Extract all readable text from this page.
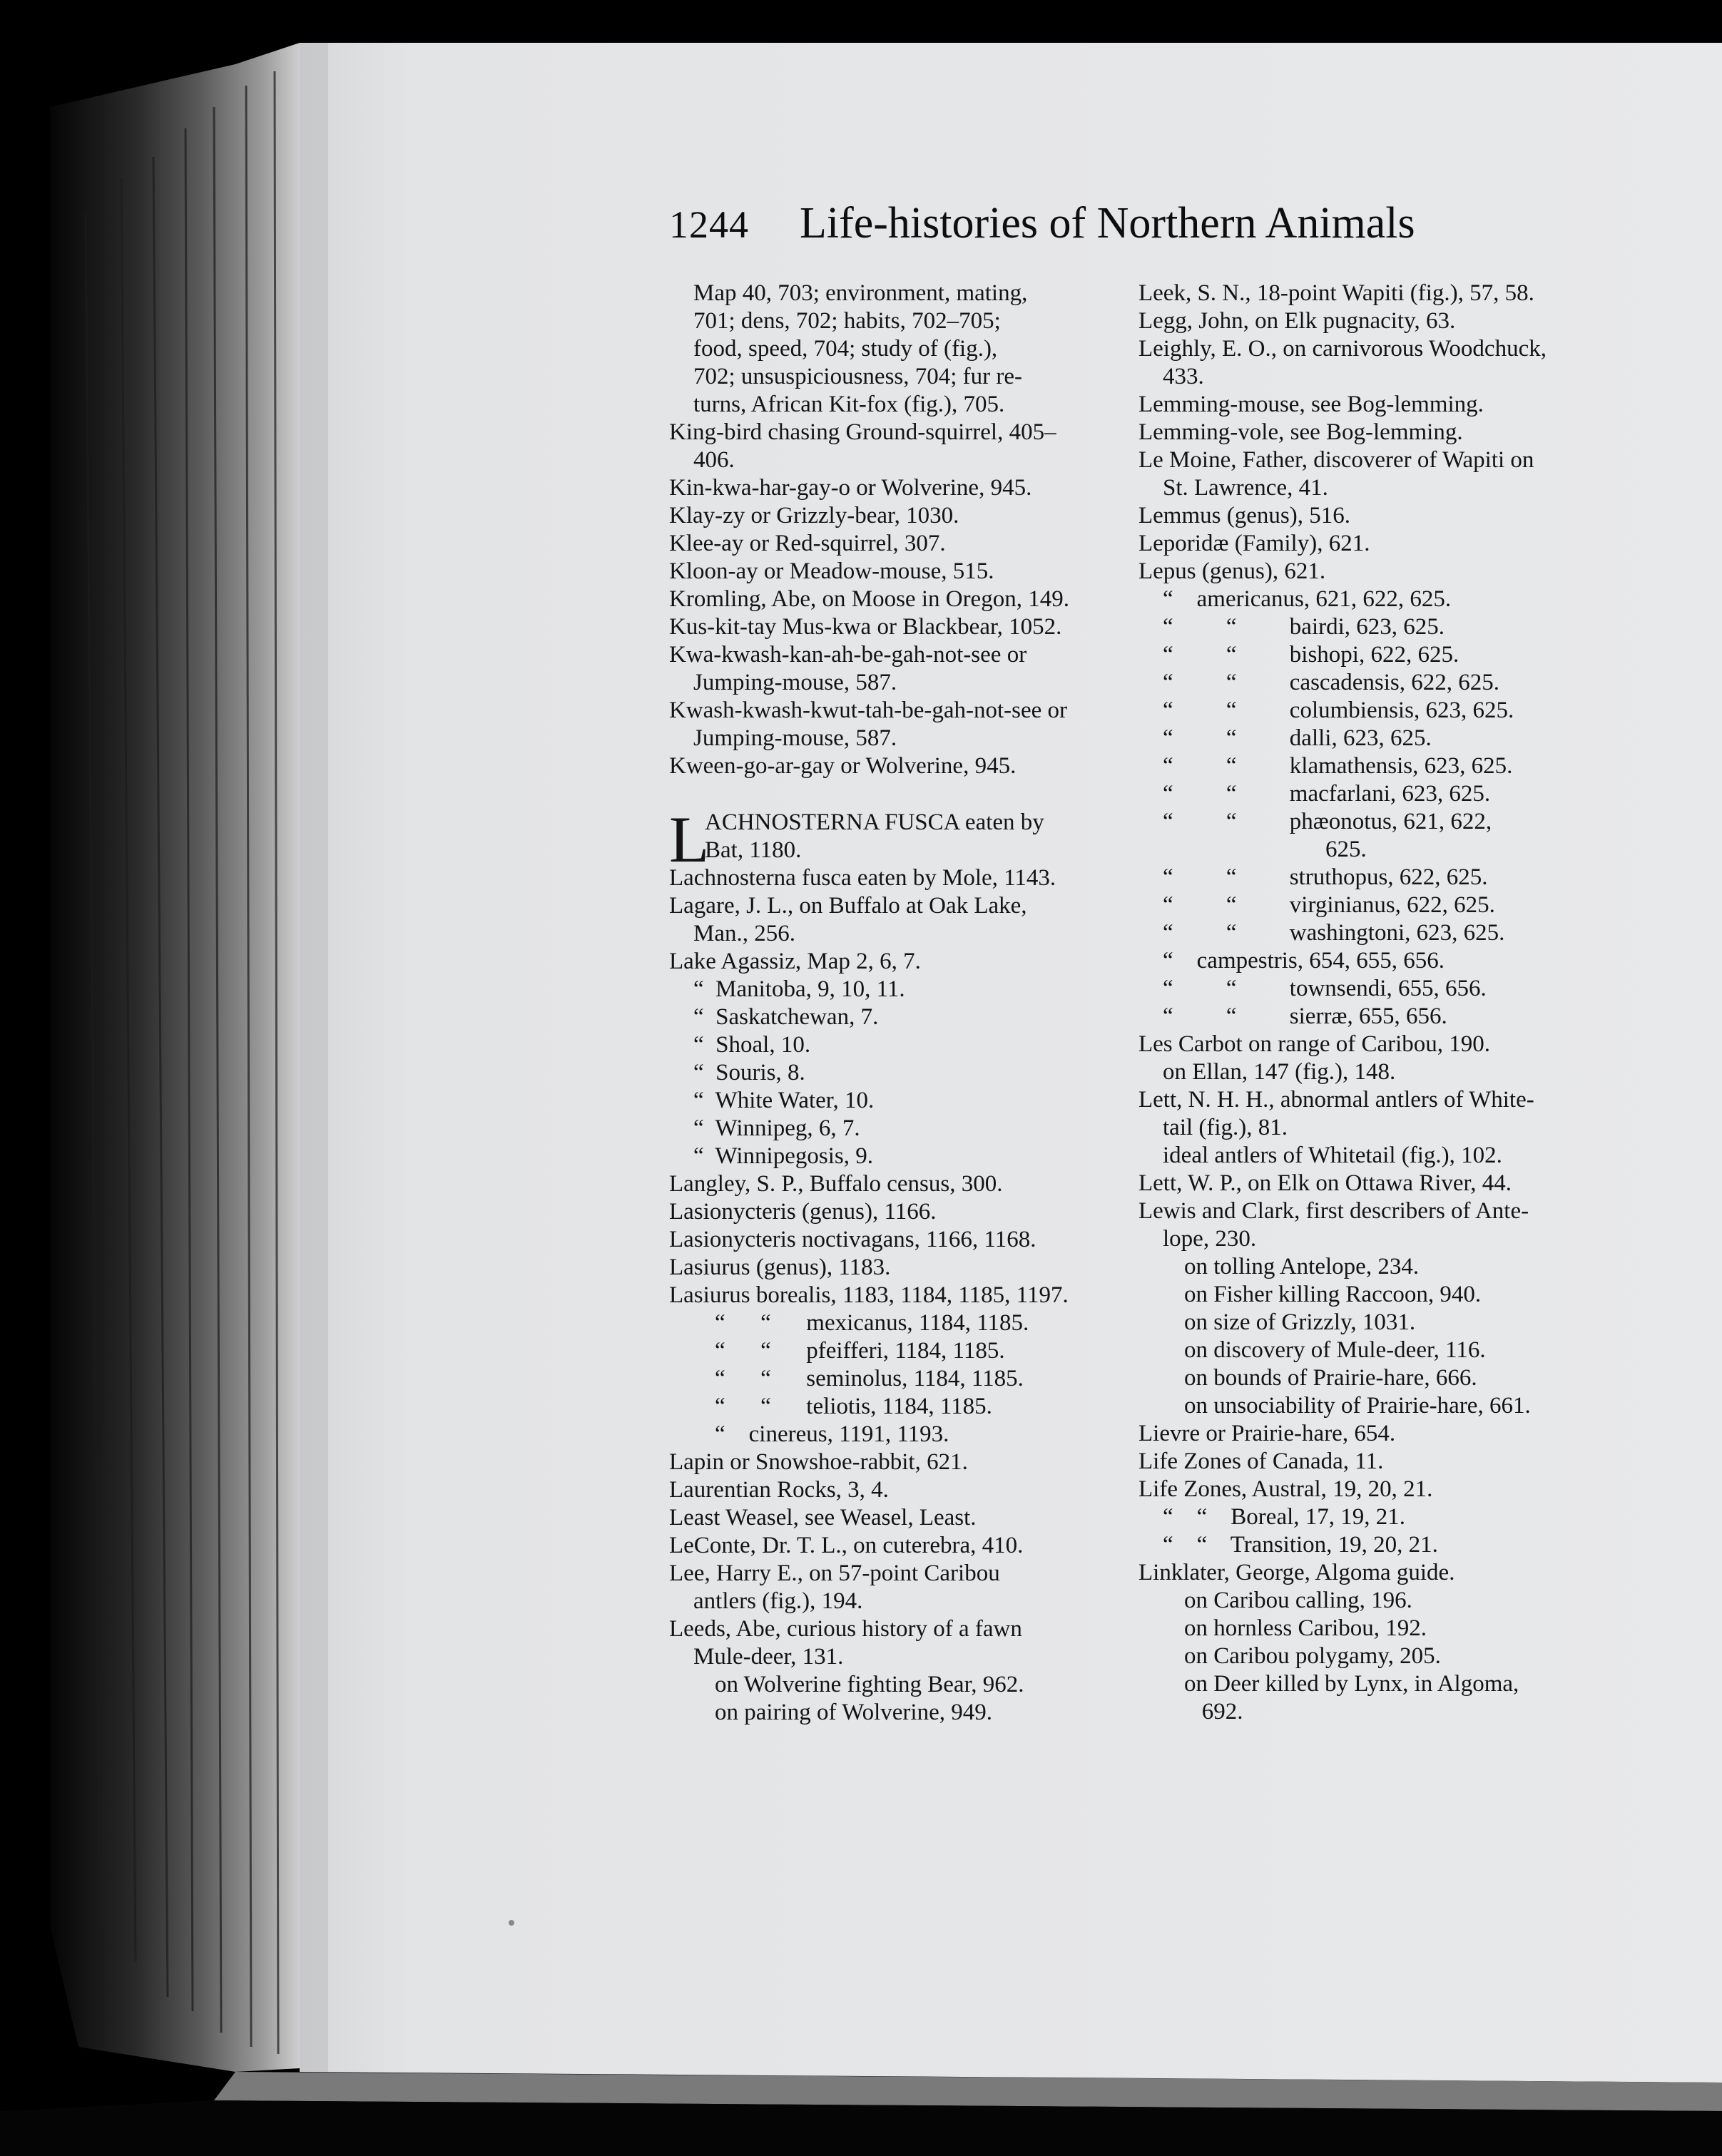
1244 Life-histories of Northern Animals
Map 40, 703; environment, mating,
701; dens, 702; habits, 702–705;
food, speed, 704; study of (fig.),
702; unsuspiciousness, 704; fur re-
turns, African Kit-fox (fig.), 705.
King-bird chasing Ground-squirrel, 405–
406.
Kin-kwa-har-gay-o or Wolverine, 945.
Klay-zy or Grizzly-bear, 1030.
Klee-ay or Red-squirrel, 307.
Kloon-ay or Meadow-mouse, 515.
Kromling, Abe, on Moose in Oregon, 149.
Kus-kit-tay Mus-kwa or Blackbear, 1052.
Kwa-kwash-kan-ah-be-gah-not-see or
Jumping-mouse, 587.
Kwash-kwash-kwut-tah-be-gah-not-see or
Jumping-mouse, 587.
Kween-go-ar-gay or Wolverine, 945.
L
ACHNOSTERNA FUSCA eaten by
Bat, 1180.
Lachnosterna fusca eaten by Mole, 1143.
Lagare, J. L., on Buffalo at Oak Lake,
Man., 256.
Lake Agassiz, Map 2, 6, 7.
“  Manitoba, 9, 10, 11.
“  Saskatchewan, 7.
“  Shoal, 10.
“  Souris, 8.
“  White Water, 10.
“  Winnipeg, 6, 7.
“  Winnipegosis, 9.
Langley, S. P., Buffalo census, 300.
Lasionycteris (genus), 1166.
Lasionycteris noctivagans, 1166, 1168.
Lasiurus (genus), 1183.
Lasiurus borealis, 1183, 1184, 1185, 1197.
“      “      mexicanus, 1184, 1185.
“      “      pfeifferi, 1184, 1185.
“      “      seminolus, 1184, 1185.
“      “      teliotis, 1184, 1185.
“    cinereus, 1191, 1193.
Lapin or Snowshoe-rabbit, 621.
Laurentian Rocks, 3, 4.
Least Weasel, see Weasel, Least.
LeConte, Dr. T. L., on cuterebra, 410.
Lee, Harry E., on 57-point Caribou
antlers (fig.), 194.
Leeds, Abe, curious history of a fawn
Mule-deer, 131.
on Wolverine fighting Bear, 962.
on pairing of Wolverine, 949.
Leek, S. N., 18-point Wapiti (fig.), 57, 58.
Legg, John, on Elk pugnacity, 63.
Leighly, E. O., on carnivorous Woodchuck,
433.
Lemming-mouse, see Bog-lemming.
Lemming-vole, see Bog-lemming.
Le Moine, Father, discoverer of Wapiti on
St. Lawrence, 41.
Lemmus (genus), 516.
Leporidæ (Family), 621.
Lepus (genus), 621.
“    americanus, 621, 622, 625.
“         “         bairdi, 623, 625.
“         “         bishopi, 622, 625.
“         “         cascadensis, 622, 625.
“         “         columbiensis, 623, 625.
“         “         dalli, 623, 625.
“         “         klamathensis, 623, 625.
“         “         macfarlani, 623, 625.
“         “         phæonotus, 621, 622,
625.
“         “         struthopus, 622, 625.
“         “         virginianus, 622, 625.
“         “         washingtoni, 623, 625.
“    campestris, 654, 655, 656.
“         “         townsendi, 655, 656.
“         “         sierræ, 655, 656.
Les Carbot on range of Caribou, 190.
on Ellan, 147 (fig.), 148.
Lett, N. H. H., abnormal antlers of White-
tail (fig.), 81.
ideal antlers of Whitetail (fig.), 102.
Lett, W. P., on Elk on Ottawa River, 44.
Lewis and Clark, first describers of Ante-
lope, 230.
on tolling Antelope, 234.
on Fisher killing Raccoon, 940.
on size of Grizzly, 1031.
on discovery of Mule-deer, 116.
on bounds of Prairie-hare, 666.
on unsociability of Prairie-hare, 661.
Lievre or Prairie-hare, 654.
Life Zones of Canada, 11.
Life Zones, Austral, 19, 20, 21.
“    “    Boreal, 17, 19, 21.
“    “    Transition, 19, 20, 21.
Linklater, George, Algoma guide.
on Caribou calling, 196.
on hornless Caribou, 192.
on Caribou polygamy, 205.
on Deer killed by Lynx, in Algoma,
692.
